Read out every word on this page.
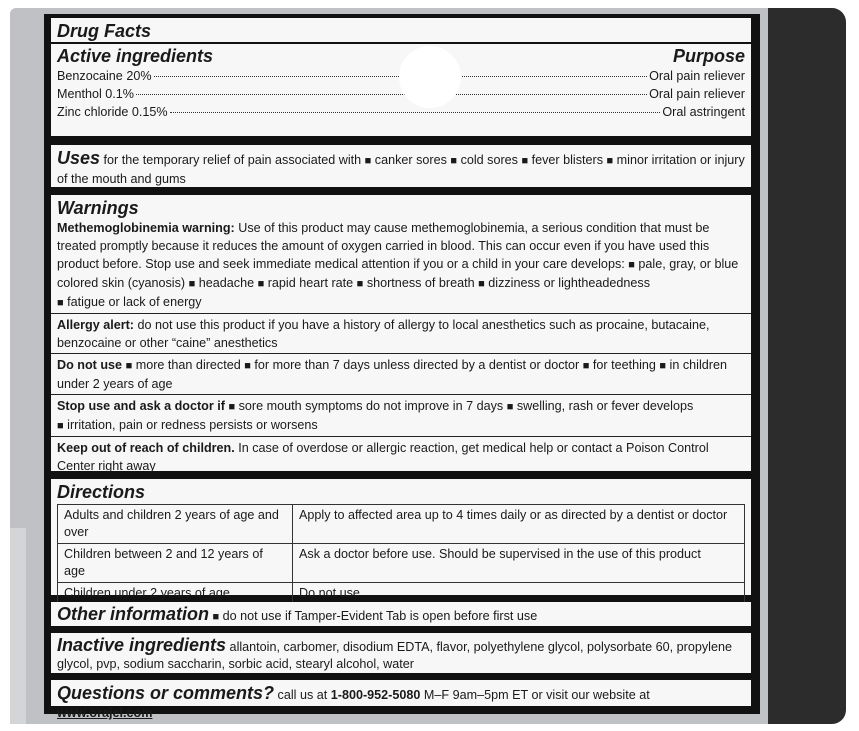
Drug Facts
Active ingredients	Purpose
Benzocaine 20%	Oral pain reliever
Menthol 0.1%	Oral pain reliever
Zinc chloride 0.15%	Oral astringent
Uses for the temporary relief of pain associated with ■ canker sores ■ cold sores ■ fever blisters ■ minor irritation or injury of the mouth and gums
Warnings
Methemoglobinemia warning: Use of this product may cause methemoglobinemia, a serious condition that must be treated promptly because it reduces the amount of oxygen carried in blood. This can occur even if you have used this product before. Stop use and seek immediate medical attention if you or a child in your care develops: ■ pale, gray, or blue colored skin (cyanosis) ■ headache ■ rapid heart rate ■ shortness of breath ■ dizziness or lightheadedness
■ fatigue or lack of energy
Allergy alert: do not use this product if you have a history of allergy to local anesthetics such as procaine, butacaine, benzocaine or other “caine” anesthetics
Do not use ■ more than directed ■ for more than 7 days unless directed by a dentist or doctor ■ for teething ■ in children under 2 years of age
Stop use and ask a doctor if ■ sore mouth symptoms do not improve in 7 days ■ swelling, rash or fever develops
■ irritation, pain or redness persists or worsens
Keep out of reach of children. In case of overdose or allergic reaction, get medical help or contact a Poison Control Center right away
Directions
Adults and children 2 years of age and over	Apply to affected area up to 4 times daily or as directed by a dentist or doctor
Children between 2 and 12 years of age	Ask a doctor before use. Should be supervised in the use of this product
Children under 2 years of age	Do not use
Other information ■ do not use if Tamper-Evident Tab is open before first use
Inactive ingredients allantoin, carbomer, disodium EDTA, flavor, polyethylene glycol, polysorbate 60, propylene glycol, pvp, sodium saccharin, sorbic acid, stearyl alcohol, water
Questions or comments? call us at 1-800-952-5080 M–F 9am–5pm ET or visit our website at www.orajel.com
